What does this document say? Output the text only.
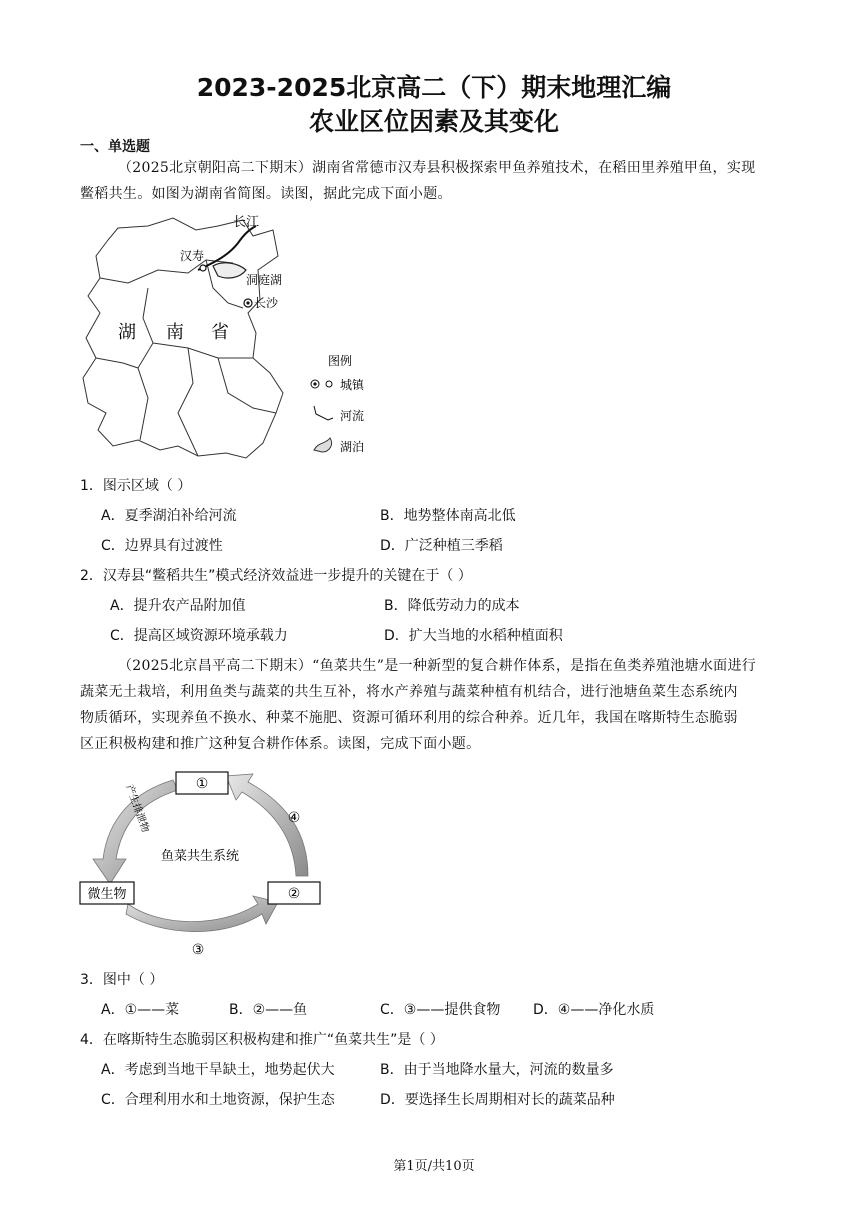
2023-2025北京高二（下）期末地理汇编
农业区位因素及其变化
一、单选题
（2025北京朝阳高二下期末）湖南省常德市汉寿县积极探索甲鱼养殖技术，在稻田里养殖甲鱼，实现
鳖稻共生。如图为湖南省简图。读图，据此完成下面小题。
长江
汉寿
洞庭湖
长沙
湖 南 省
图例
城镇
河流
湖泊
1．图示区域（ ）
A．夏季湖泊补给河流	B．地势整体南高北低
C．边界具有过渡性	D．广泛种植三季稻
2．汉寿县“鳖稻共生”模式经济效益进一步提升的关键在于（ ）
A．提升农产品附加值	B．降低劳动力的成本
C．提高区域资源环境承载力	D．扩大当地的水稻种植面积
（2025北京昌平高二下期末）“鱼菜共生”是一种新型的复合耕作体系，是指在鱼类养殖池塘水面进行
蔬菜无土栽培，利用鱼类与蔬菜的共生互补，将水产养殖与蔬菜种植有机结合，进行池塘鱼菜生态系统内
物质循环，实现养鱼不换水、种菜不施肥、资源可循环利用的综合种养。近几年，我国在喀斯特生态脆弱
区正积极构建和推广这种复合耕作体系。读图，完成下面小题。
①
②
微生物
鱼菜共生系统
产生排泄物
③
④
3．图中（ ）
A．①——菜	B．②——鱼	C．③——提供食物 D．④——净化水质
4．在喀斯特生态脆弱区积极构建和推广“鱼菜共生”是（ ）
A．考虑到当地干旱缺土，地势起伏大	B．由于当地降水量大，河流的数量多
C．合理利用水和土地资源，保护生态	D．要选择生长周期相对长的蔬菜品种
第1页/共10页
